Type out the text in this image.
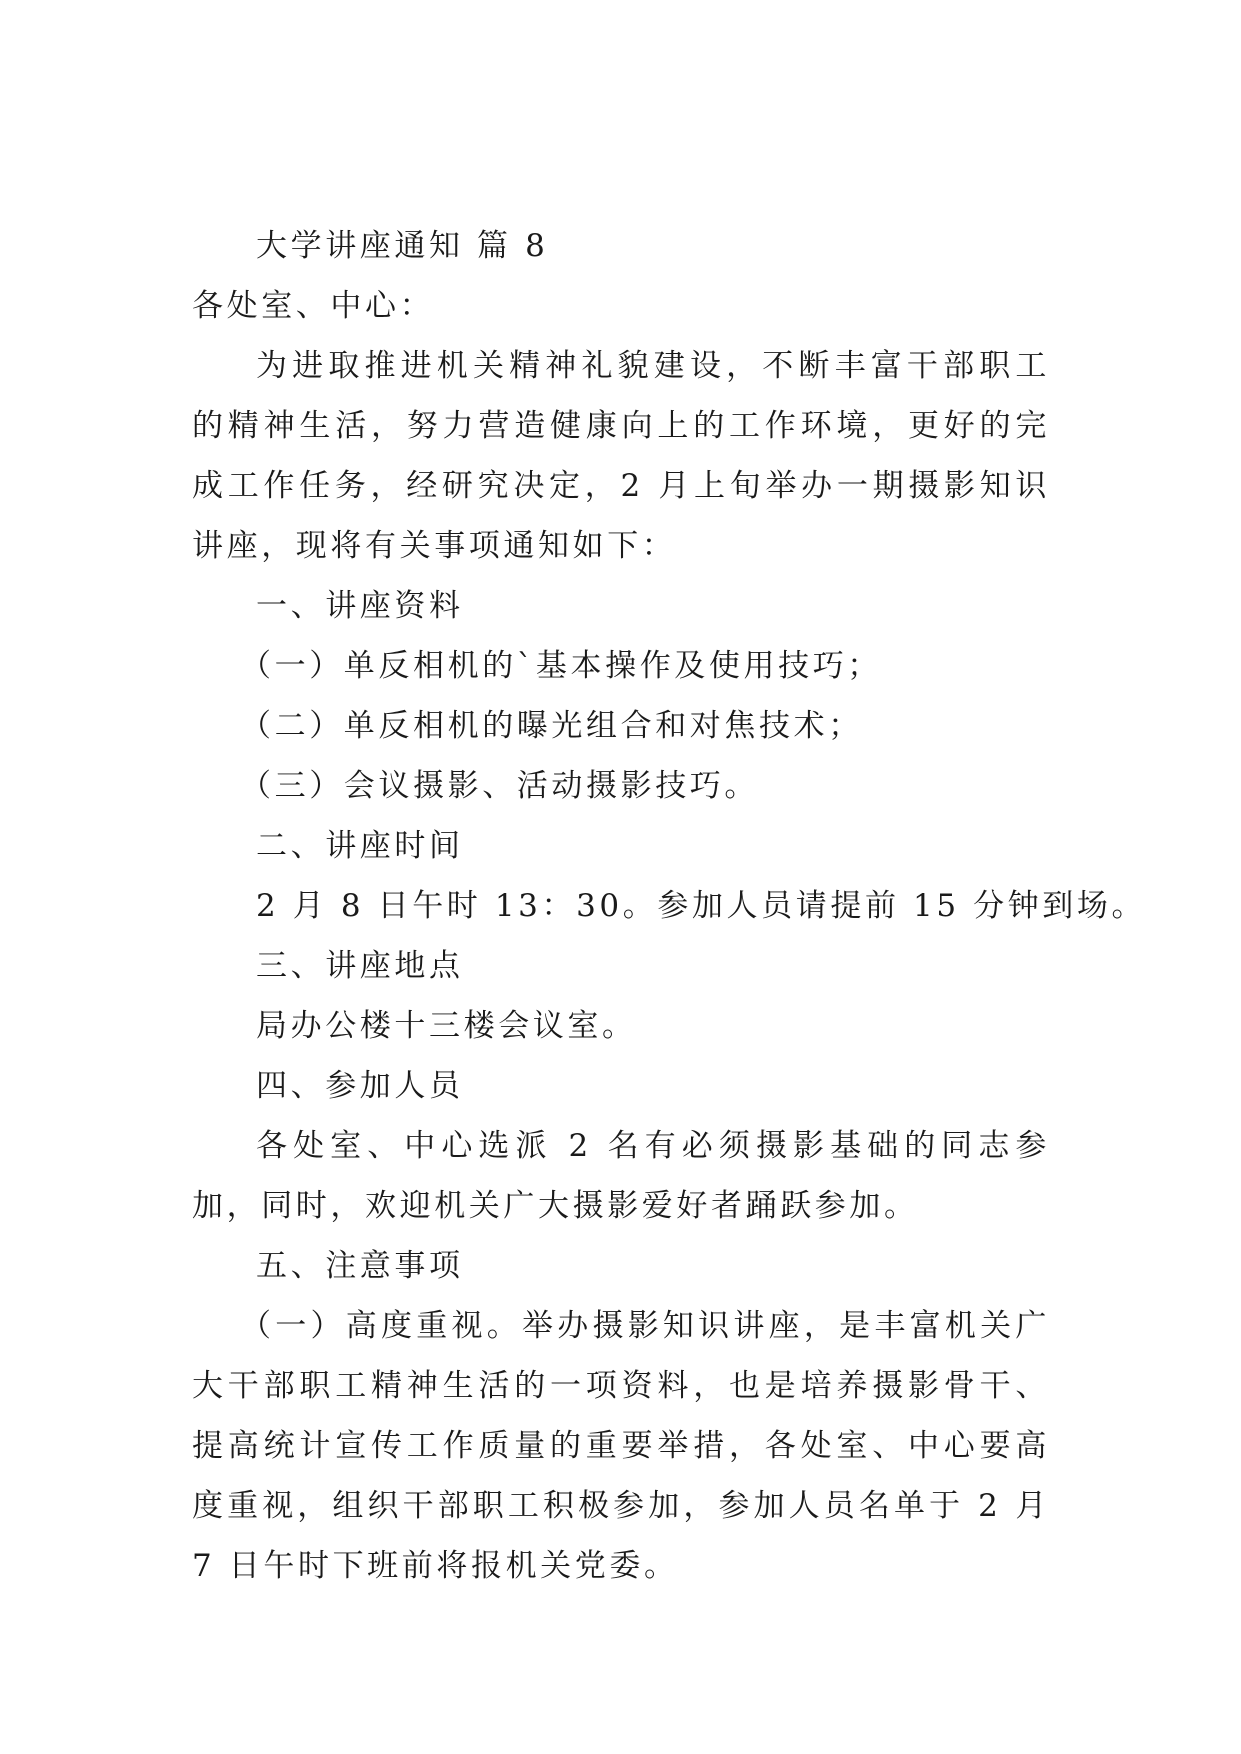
大学讲座通知 篇 8
各处室、中心：

为进取推进机关精神礼貌建设，不断丰富干部职工的精神生活，努力营造健康向上的工作环境，更好的完成工作任务，经研究决定，2 月上旬举办一期摄影知识讲座，现将有关事项通知如下：

一、讲座资料
（一）单反相机的`基本操作及使用技巧；
（二）单反相机的曝光组合和对焦技术；
（三）会议摄影、活动摄影技巧。
二、讲座时间
2 月 8 日午时 13：30。参加人员请提前 15 分钟到场。
三、讲座地点
局办公楼十三楼会议室。
四、参加人员

各处室、中心选派 2 名有必须摄影基础的同志参加，同时，欢迎机关广大摄影爱好者踊跃参加。

五、注意事项

（一）高度重视。举办摄影知识讲座，是丰富机关广大干部职工精神生活的一项资料，也是培养摄影骨干、提高统计宣传工作质量的重要举措，各处室、中心要高度重视，组织干部职工积极参加，参加人员名单于 2 月 7 日午时下班前将报机关党委。
